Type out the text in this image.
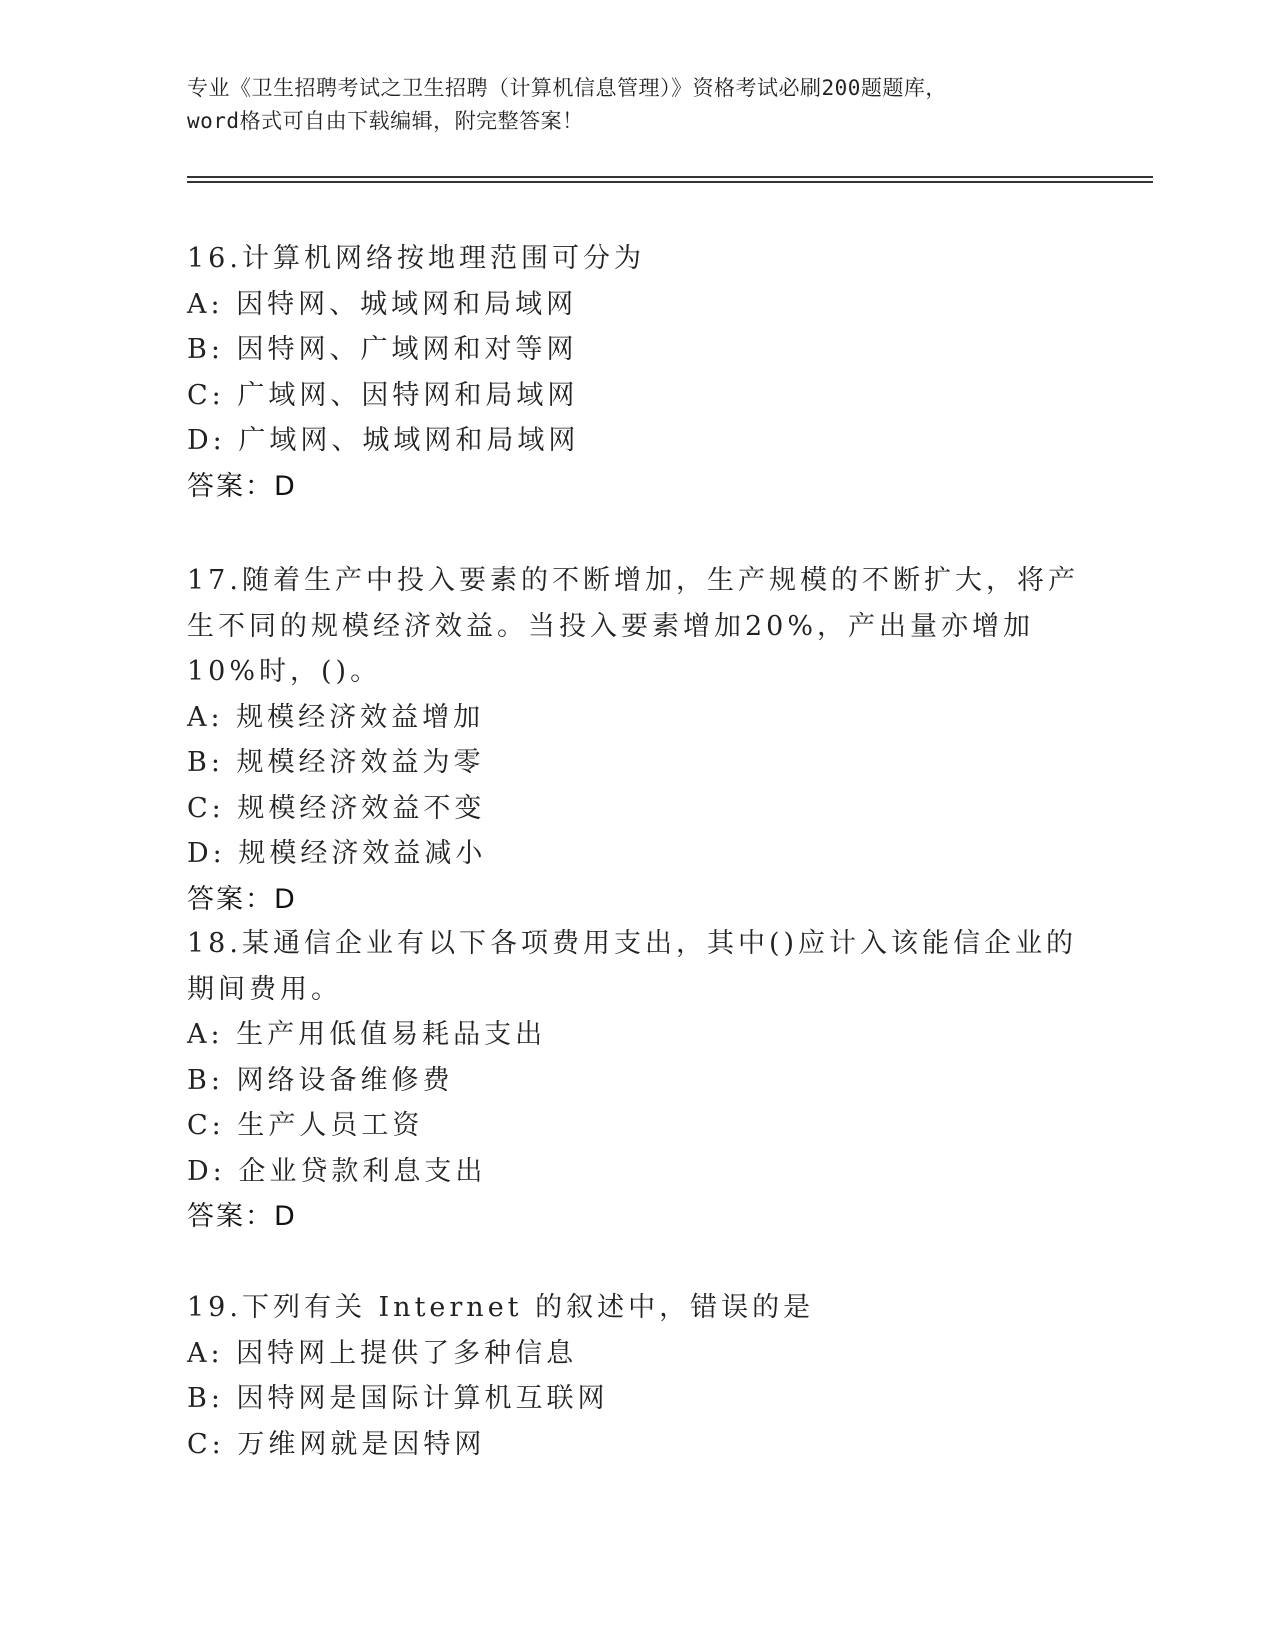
专业《卫生招聘考试之卫生招聘（计算机信息管理）》资格考试必刷200题题库，
word格式可自由下载编辑，附完整答案！
16.计算机网络按地理范围可分为
A: 因特网、城域网和局域网
B: 因特网、广域网和对等网
C: 广域网、因特网和局域网
D: 广域网、城域网和局域网
答案：D
17.随着生产中投入要素的不断增加，生产规模的不断扩大，将产生不同的规模经济效益。当投入要素增加20%，产出量亦增加10%时，()。
A: 规模经济效益增加
B: 规模经济效益为零
C: 规模经济效益不变
D: 规模经济效益减小
答案：D
18.某通信企业有以下各项费用支出，其中()应计入该能信企业的期间费用。
A: 生产用低值易耗品支出
B: 网络设备维修费
C: 生产人员工资
D: 企业贷款利息支出
答案：D
19.下列有关 Internet 的叙述中，错误的是
A: 因特网上提供了多种信息
B: 因特网是国际计算机互联网
C: 万维网就是因特网
